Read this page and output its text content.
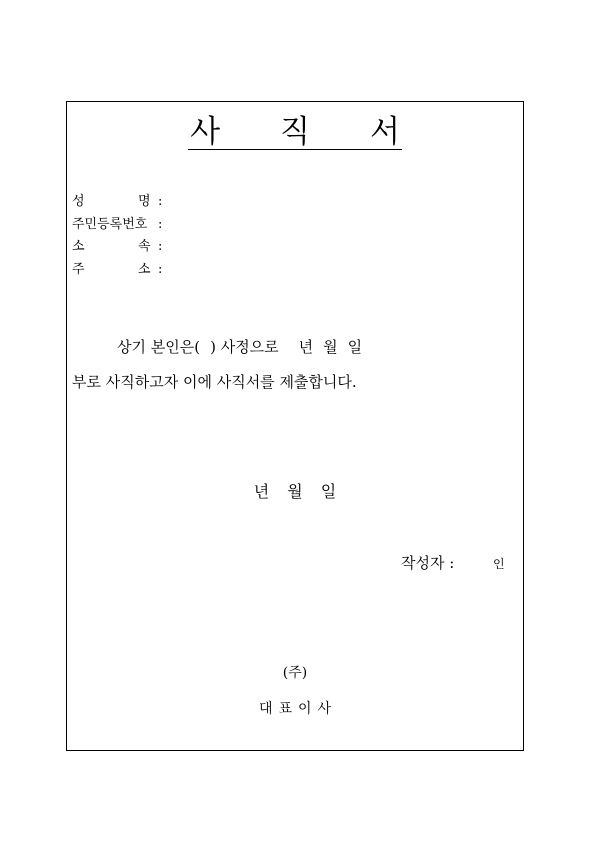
사 직 서
성	명 :
주민등록번호 :
소	속 :
주	소 :
상기 본인은( ) 사정으로 년 월 일
부로 사직하고자 이에 사직서를 제출합니다.
년 월 일
작성자 :	인
(주)
대 표 이 사
